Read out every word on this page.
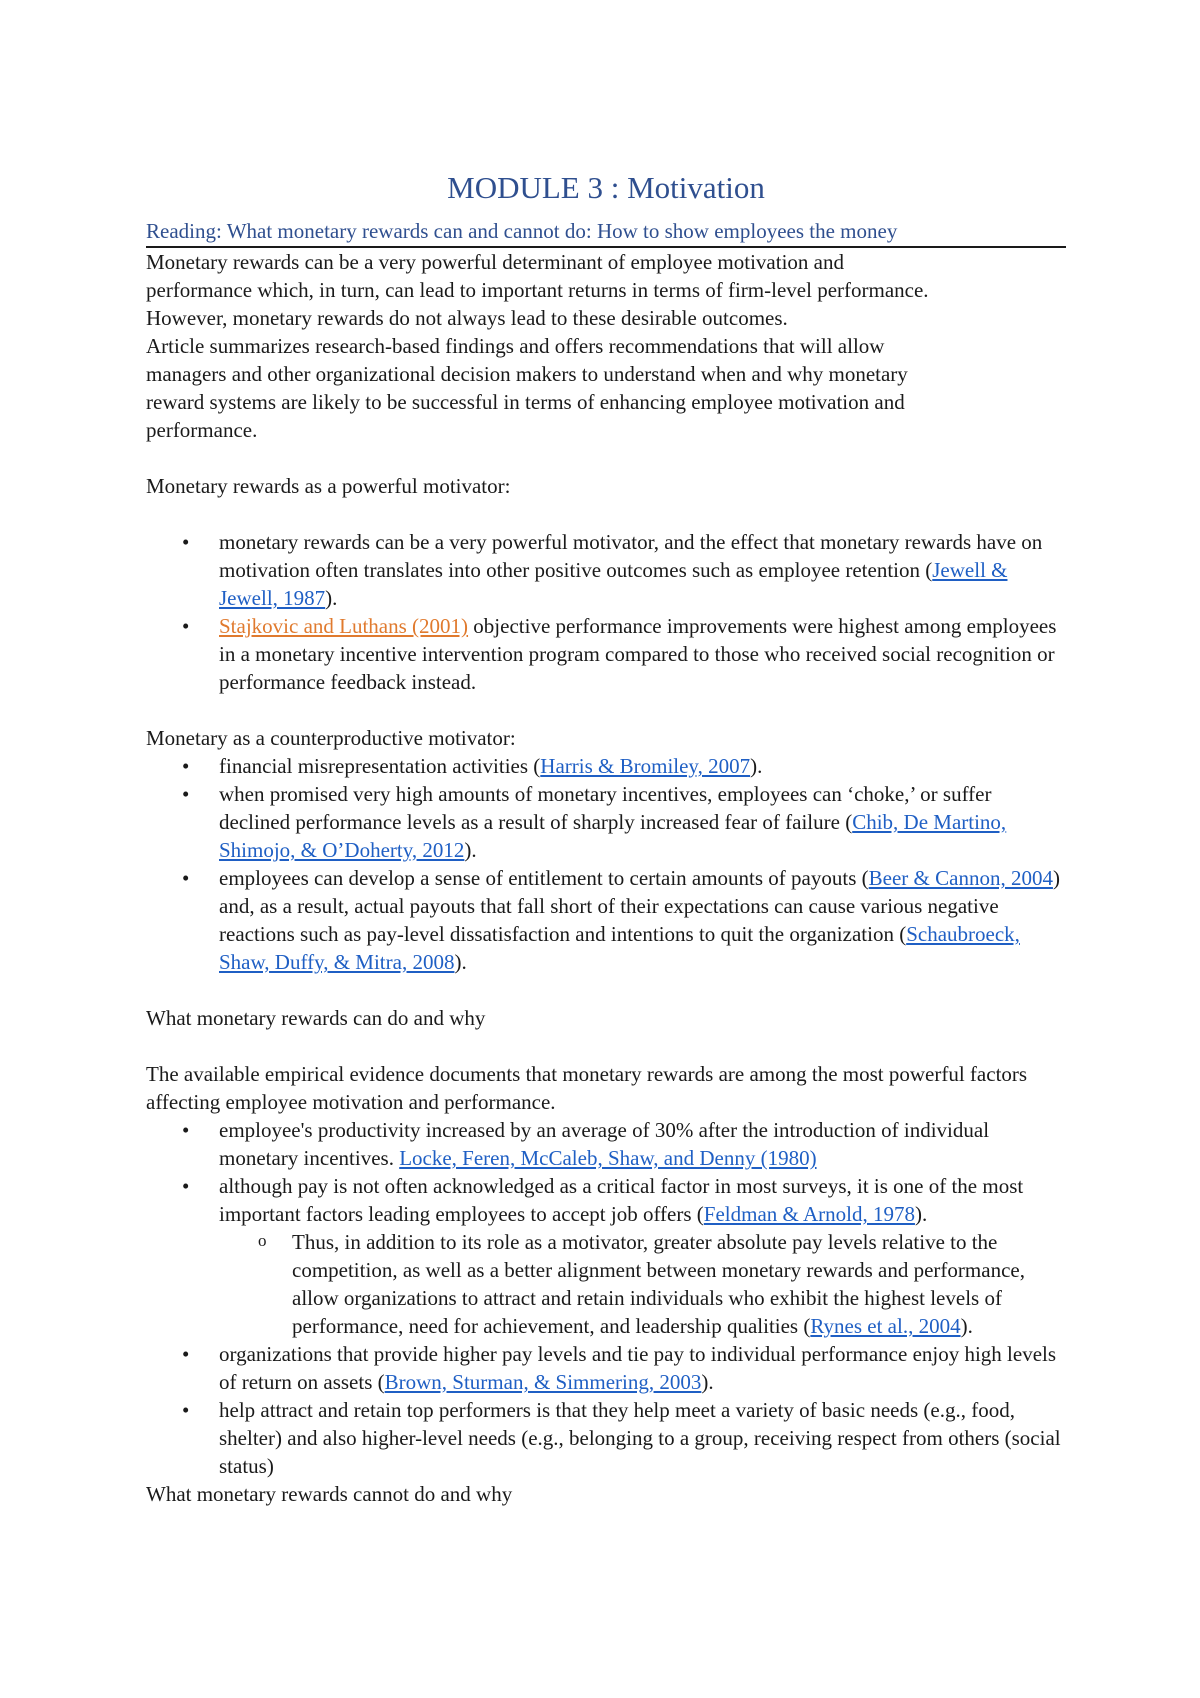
MODULE 3 : Motivation
Reading: What monetary rewards can and cannot do: How to show employees the money

Monetary rewards can be a very powerful determinant of employee motivation and

performance which, in turn, can lead to important returns in terms of firm-level performance.

However, monetary rewards do not always lead to these desirable outcomes.

Article summarizes research-based findings and offers recommendations that will allow

managers and other organizational decision makers to understand when and why monetary

reward systems are likely to be successful in terms of enhancing employee motivation and

performance.

Monetary rewards as a powerful motivator:

• monetary rewards can be a very powerful motivator, and the effect that monetary rewards have on motivation often translates into other positive outcomes such as employee retention (Jewell & Jewell, 1987).
• Stajkovic and Luthans (2001) objective performance improvements were highest among employees in a monetary incentive intervention program compared to those who received social recognition or performance feedback instead.

Monetary as a counterproductive motivator:

• financial misrepresentation activities (Harris & Bromiley, 2007).
• when promised very high amounts of monetary incentives, employees can ‘choke,’ or suffer declined performance levels as a result of sharply increased fear of failure (Chib, De Martino, Shimojo, & O’Doherty, 2012).
• employees can develop a sense of entitlement to certain amounts of payouts (Beer & Cannon, 2004) and, as a result, actual payouts that fall short of their expectations can cause various negative reactions such as pay-level dissatisfaction and intentions to quit the organization (Schaubroeck, Shaw, Duffy, & Mitra, 2008).

What monetary rewards can do and why

The available empirical evidence documents that monetary rewards are among the most powerful factors affecting employee motivation and performance.

• employee's productivity increased by an average of 30% after the introduction of individual monetary incentives. Locke, Feren, McCaleb, Shaw, and Denny (1980)
• although pay is not often acknowledged as a critical factor in most surveys, it is one of the most important factors leading employees to accept job offers (Feldman & Arnold, 1978).
o Thus, in addition to its role as a motivator, greater absolute pay levels relative to the competition, as well as a better alignment between monetary rewards and performance, allow organizations to attract and retain individuals who exhibit the highest levels of performance, need for achievement, and leadership qualities (Rynes et al., 2004).
• organizations that provide higher pay levels and tie pay to individual performance enjoy high levels of return on assets (Brown, Sturman, & Simmering, 2003).
• help attract and retain top performers is that they help meet a variety of basic needs (e.g., food, shelter) and also higher-level needs (e.g., belonging to a group, receiving respect from others (social status)

What monetary rewards cannot do and why
